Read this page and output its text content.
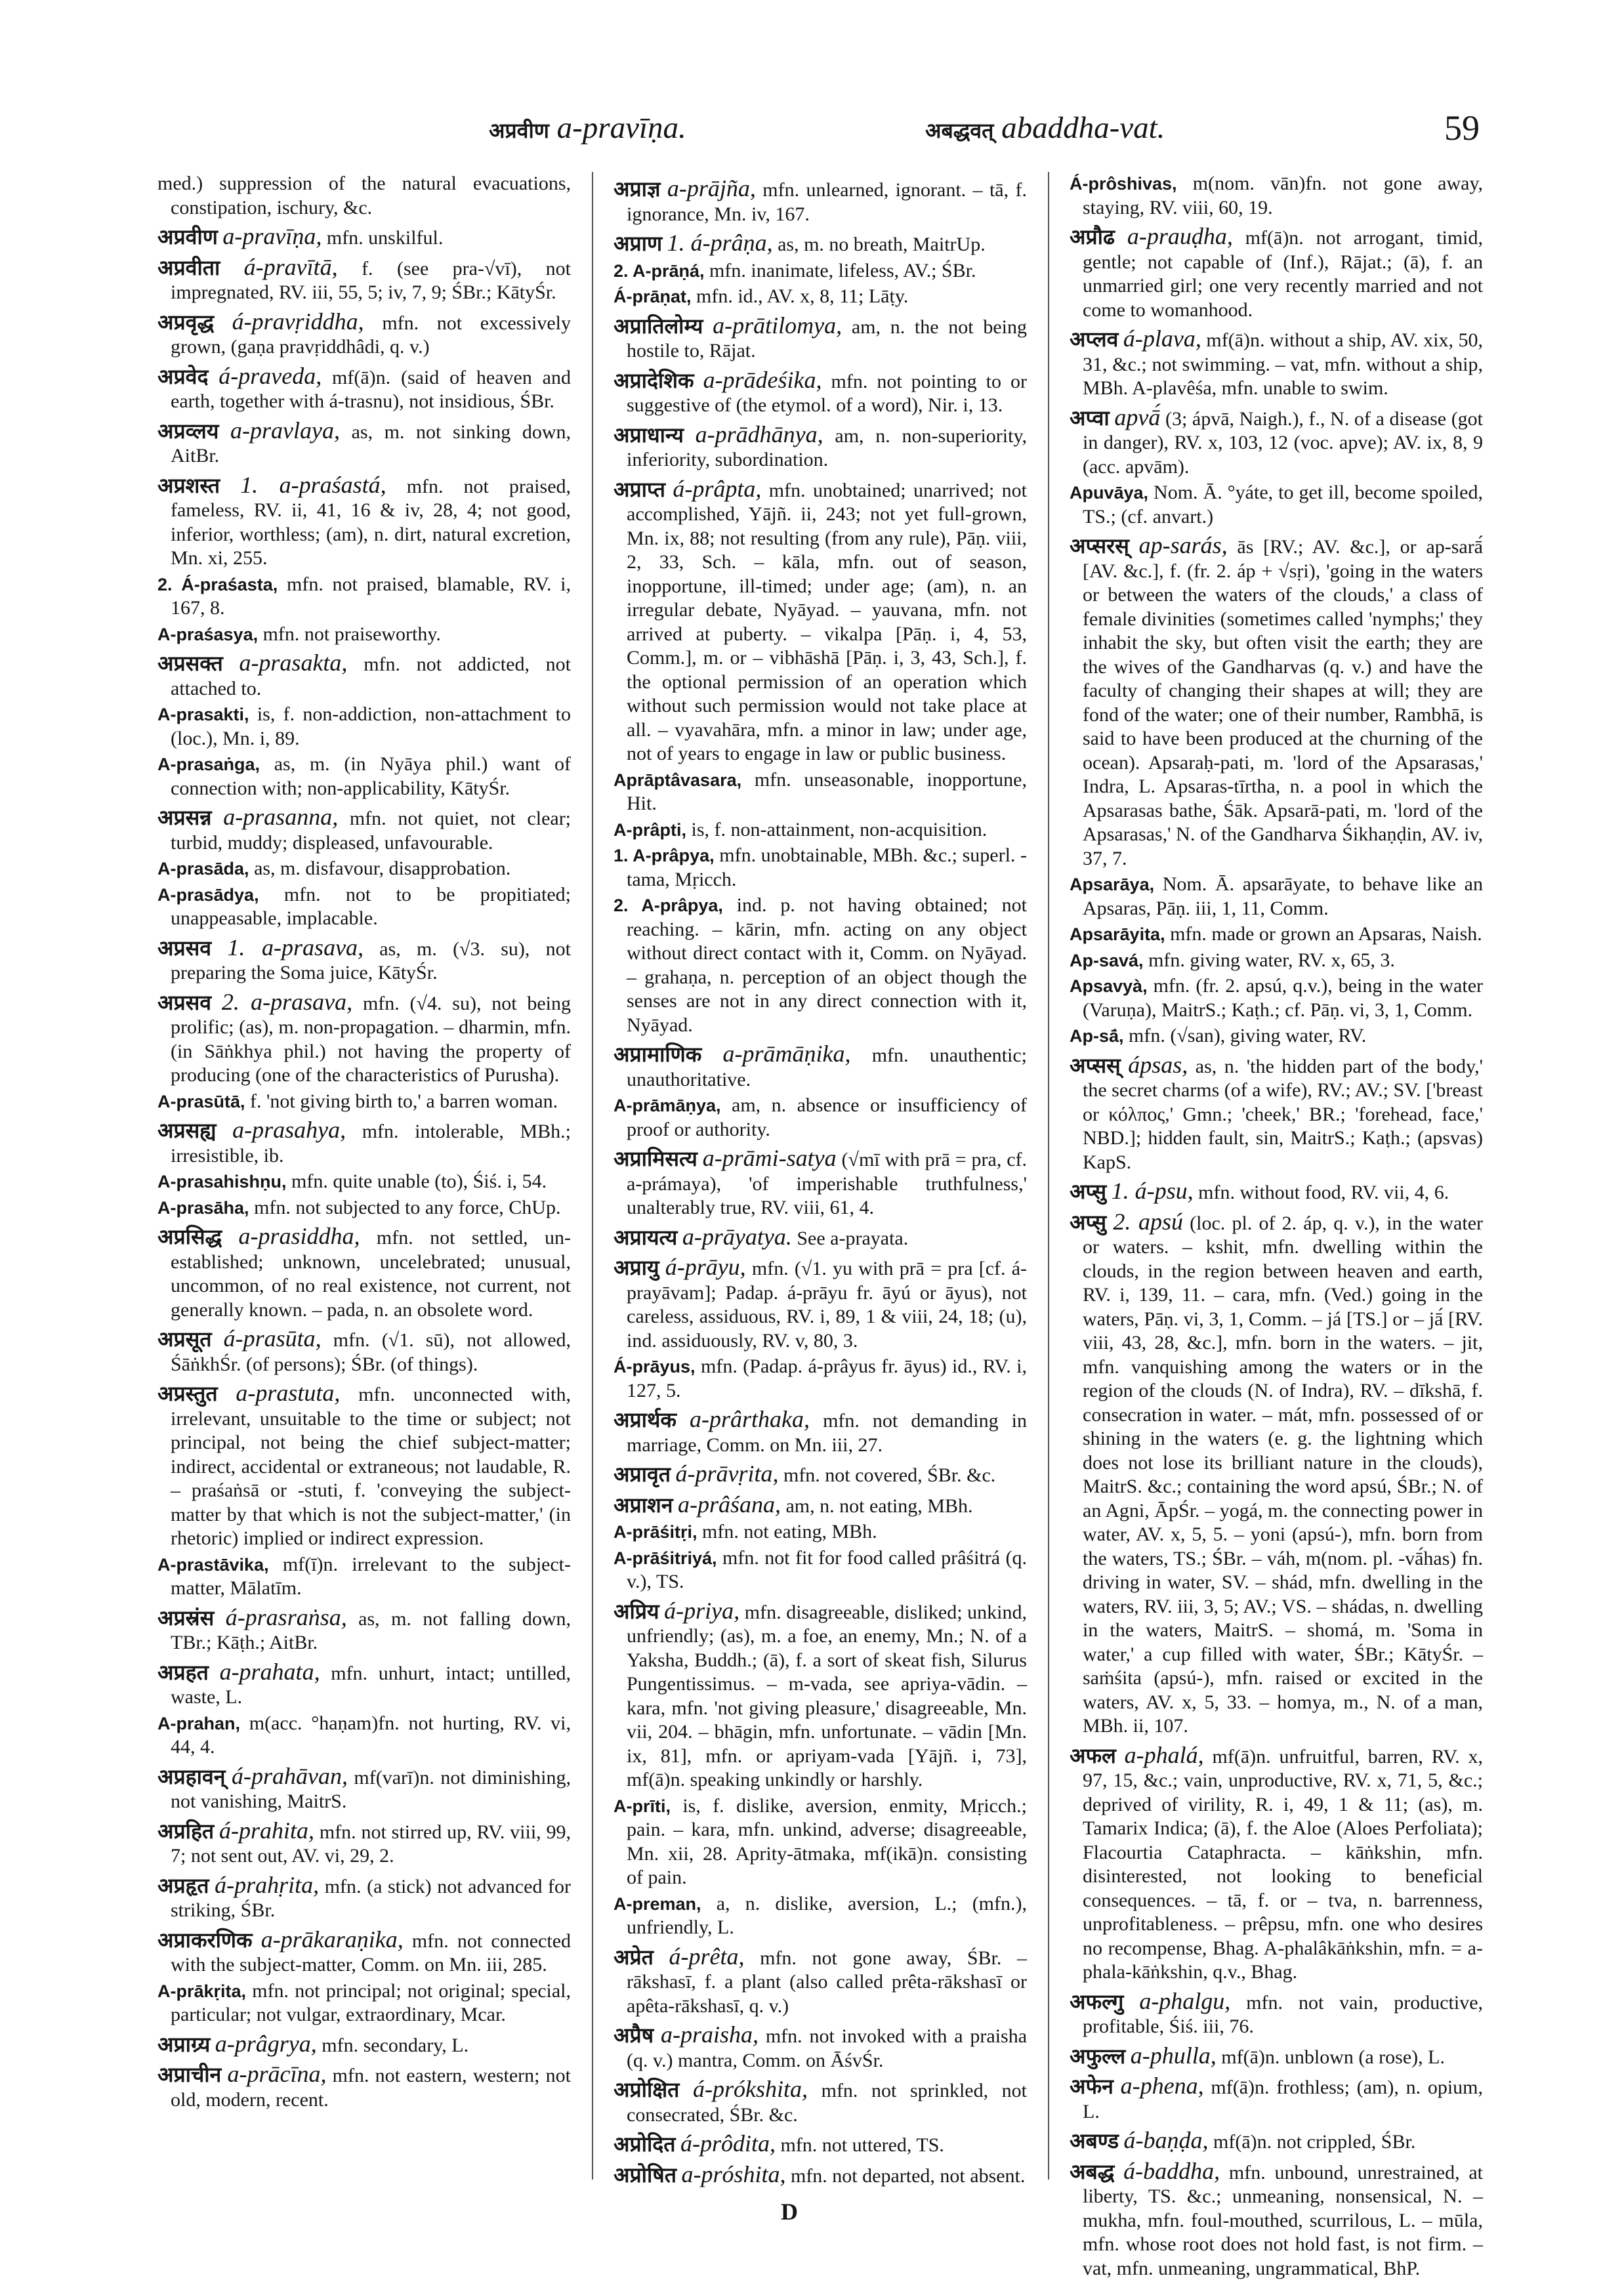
अप्रवीण a-pravīṇa.	अबद्धवत् abaddha-vat.	59

med.) suppression of the natural evacuations, constipation, ischury, &c.

अप्रवीण a-pravīṇa, mfn. unskilful.

अप्रवीता á-pravītā, f. (see pra-√vī), not impregnated, RV. iii, 55, 5; iv, 7, 9; ŚBr.; KātyŚr.

अप्रवृद्ध á-pravṛiddha, mfn. not excessively grown, (gaṇa pravṛiddhâdi, q. v.)

अप्रवेद á-praveda, mf(ā)n. (said of heaven and earth, together with á-trasnu), not insidious, ŚBr.

अप्रव्लय a-pravlaya, as, m. not sinking down, AitBr.

अप्रशस्त 1. a-praśastá, mfn. not praised, fameless, RV. ii, 41, 16 & iv, 28, 4; not good, inferior, worthless; (am), n. dirt, natural excretion, Mn. xi, 255.

2. Á-praśasta, mfn. not praised, blamable, RV. i, 167, 8.

A-praśasya, mfn. not praiseworthy.

अप्रसक्त a-prasakta, mfn. not addicted, not attached to.

A-prasakti, is, f. non-addiction, non-attachment to (loc.), Mn. i, 89.

A-prasaṅga, as, m. (in Nyāya phil.) want of connection with; non-applicability, KātyŚr.

अप्रसन्न a-prasanna, mfn. not quiet, not clear; turbid, muddy; displeased, unfavourable.

A-prasāda, as, m. disfavour, disapprobation.

A-prasādya, mfn. not to be propitiated; unappeasable, implacable.

अप्रसव 1. a-prasava, as, m. (√3. su), not preparing the Soma juice, KātyŚr.

अप्रसव 2. a-prasava, mfn. (√4. su), not being prolific; (as), m. non-propagation. – dharmin, mfn. (in Sāṅkhya phil.) not having the property of producing (one of the characteristics of Purusha).

A-prasūtā, f. 'not giving birth to,' a barren woman.

अप्रसह्य a-prasahya, mfn. intolerable, MBh.; irresistible, ib.

A-prasahishṇu, mfn. quite unable (to), Śiś. i, 54.

A-prasāha, mfn. not subjected to any force, ChUp.

अप्रसिद्ध a-prasiddha, mfn. not settled, un-established; unknown, uncelebrated; unusual, uncommon, of no real existence, not current, not generally known. – pada, n. an obsolete word.

अप्रसूत á-prasūta, mfn. (√1. sū), not allowed, ŚāṅkhŚr. (of persons); ŚBr. (of things).

अप्रस्तुत a-prastuta, mfn. unconnected with, irrelevant, unsuitable to the time or subject; not principal, not being the chief subject-matter; indirect, accidental or extraneous; not laudable, R. – praśaṅsā or -stuti, f. 'conveying the subject-matter by that which is not the subject-matter,' (in rhetoric) implied or indirect expression.

A-prastāvika, mf(ī)n. irrelevant to the subject-matter, Mālatīm.

अप्रस्रंस á-prasraṅsa, as, m. not falling down, TBr.; Kāṭh.; AitBr.

अप्रहत a-prahata, mfn. unhurt, intact; untilled, waste, L.

A-prahan, m(acc. °haṇam)fn. not hurting, RV. vi, 44, 4.

अप्रहावन् á-prahāvan, mf(varī)n. not diminishing, not vanishing, MaitrS.

अप्रहित á-prahita, mfn. not stirred up, RV. viii, 99, 7; not sent out, AV. vi, 29, 2.

अप्रहृत á-prahṛita, mfn. (a stick) not advanced for striking, ŚBr.

अप्राकरणिक a-prākaraṇika, mfn. not connected with the subject-matter, Comm. on Mn. iii, 285.

A-prākṛita, mfn. not principal; not original; special, particular; not vulgar, extraordinary, Mcar.

अप्राग्र्य a-prâgrya, mfn. secondary, L.

अप्राचीन a-prācīna, mfn. not eastern, western; not old, modern, recent.

अप्राज्ञ a-prājña, mfn. unlearned, ignorant. – tā, f. ignorance, Mn. iv, 167.

अप्राण 1. á-prâṇa, as, m. no breath, MaitrUp.

2. A-prāṇá, mfn. inanimate, lifeless, AV.; ŚBr.

Á-prāṇat, mfn. id., AV. x, 8, 11; Lāṭy.

अप्रातिलोम्य a-prātilomya, am, n. the not being hostile to, Rājat.

अप्रादेशिक a-prādeśika, mfn. not pointing to or suggestive of (the etymol. of a word), Nir. i, 13.

अप्राधान्य a-prādhānya, am, n. non-superiority, inferiority, subordination.

अप्राप्त á-prâpta, mfn. unobtained; unarrived; not accomplished, Yājñ. ii, 243; not yet full-grown, Mn. ix, 88; not resulting (from any rule), Pāṇ. viii, 2, 33, Sch. – kāla, mfn. out of season, inopportune, ill-timed; under age; (am), n. an irregular debate, Nyāyad. – yauvana, mfn. not arrived at puberty. – vikalpa [Pāṇ. i, 4, 53, Comm.], m. or – vibhāshā [Pāṇ. i, 3, 43, Sch.], f. the optional permission of an operation which without such permission would not take place at all. – vyavahāra, mfn. a minor in law; under age, not of years to engage in law or public business.

Aprāptâvasara, mfn. unseasonable, inopportune, Hit.

A-prâpti, is, f. non-attainment, non-acquisition.

1. A-prâpya, mfn. unobtainable, MBh. &c.; superl. -tama, Mṛicch.

2. A-prâpya, ind. p. not having obtained; not reaching. – kārin, mfn. acting on any object without direct contact with it, Comm. on Nyāyad. – grahaṇa, n. perception of an object though the senses are not in any direct connection with it, Nyāyad.

अप्रामाणिक a-prāmāṇika, mfn. unauthentic; unauthoritative.

A-prāmāṇya, am, n. absence or insufficiency of proof or authority.

अप्रामिसत्य a-prāmi-satya (√mī with prā = pra, cf. a-prámaya), 'of imperishable truthfulness,' unalterably true, RV. viii, 61, 4.

अप्रायत्य a-prāyatya. See a-prayata.

अप्रायु á-prāyu, mfn. (√1. yu with prā = pra [cf. á-prayāvam]; Padap. á-prāyu fr. āyú or āyus), not careless, assiduous, RV. i, 89, 1 & viii, 24, 18; (u), ind. assiduously, RV. v, 80, 3.

Á-prāyus, mfn. (Padap. á-prâyus fr. āyus) id., RV. i, 127, 5.

अप्रार्थक a-prârthaka, mfn. not demanding in marriage, Comm. on Mn. iii, 27.

अप्रावृत á-prāvṛita, mfn. not covered, ŚBr. &c.

अप्राशन a-prâśana, am, n. not eating, MBh.

A-prāśitṛi, mfn. not eating, MBh.

A-prāśitriyá, mfn. not fit for food called prâśitrá (q. v.), TS.

अप्रिय á-priya, mfn. disagreeable, disliked; unkind, unfriendly; (as), m. a foe, an enemy, Mn.; N. of a Yaksha, Buddh.; (ā), f. a sort of skeat fish, Silurus Pungentissimus. – m-vada, see apriya-vādin. – kara, mfn. 'not giving pleasure,' disagreeable, Mn. vii, 204. – bhāgin, mfn. unfortunate. – vādin [Mn. ix, 81], mfn. or apriyam-vada [Yājñ. i, 73], mf(ā)n. speaking unkindly or harshly.

A-prīti, is, f. dislike, aversion, enmity, Mṛicch.; pain. – kara, mfn. unkind, adverse; disagreeable, Mn. xii, 28. Aprity-ātmaka, mf(ikā)n. consisting of pain.

A-preman, a, n. dislike, aversion, L.; (mfn.), unfriendly, L.

अप्रेत á-prêta, mfn. not gone away, ŚBr. – rākshasī, f. a plant (also called prêta-rākshasī or apêta-rākshasī, q. v.)

अप्रैष a-praisha, mfn. not invoked with a praisha (q. v.) mantra, Comm. on ĀśvŚr.

अप्रोक्षित á-prókshita, mfn. not sprinkled, not consecrated, ŚBr. &c.

अप्रोदित á-prôdita, mfn. not uttered, TS.

अप्रोषित a-próshita, mfn. not departed, not absent.

Á-prôshivas, m(nom. vān)fn. not gone away, staying, RV. viii, 60, 19.

अप्रौढ a-prauḍha, mf(ā)n. not arrogant, timid, gentle; not capable of (Inf.), Rājat.; (ā), f. an unmarried girl; one very recently married and not come to womanhood.

अप्लव á-plava, mf(ā)n. without a ship, AV. xix, 50, 31, &c.; not swimming. – vat, mfn. without a ship, MBh. A-plavêśa, mfn. unable to swim.

अप्वा apvā́ (3; ápvā, Naigh.), f., N. of a disease (got in danger), RV. x, 103, 12 (voc. apve); AV. ix, 8, 9 (acc. apvām).

Apuvāya, Nom. Ā. °yáte, to get ill, become spoiled, TS.; (cf. anvart.)

अप्सरस् ap-sarás, ās [RV.; AV. &c.], or ap-sarā́ [AV. &c.], f. (fr. 2. áp + √sṛi), 'going in the waters or between the waters of the clouds,' a class of female divinities (sometimes called 'nymphs;' they inhabit the sky, but often visit the earth; they are the wives of the Gandharvas (q. v.) and have the faculty of changing their shapes at will; they are fond of the water; one of their number, Rambhā, is said to have been produced at the churning of the ocean). Apsaraḥ-pati, m. 'lord of the Apsarasas,' Indra, L. Apsaras-tīrtha, n. a pool in which the Apsarasas bathe, Śāk. Apsarā-pati, m. 'lord of the Apsarasas,' N. of the Gandharva Śikhaṇḍin, AV. iv, 37, 7.

Apsarāya, Nom. Ā. apsarāyate, to behave like an Apsaras, Pāṇ. iii, 1, 11, Comm.

Apsarāyita, mfn. made or grown an Apsaras, Naish.

Ap-savá, mfn. giving water, RV. x, 65, 3.

Apsavyà, mfn. (fr. 2. apsú, q.v.), being in the water (Varuṇa), MaitrS.; Kaṭh.; cf. Pāṇ. vi, 3, 1, Comm.

Ap-sā́, mfn. (√san), giving water, RV.

अप्सस् ápsas, as, n. 'the hidden part of the body,' the secret charms (of a wife), RV.; AV.; SV. ['breast or κόλπος,' Gmn.; 'cheek,' BR.; 'forehead, face,' NBD.]; hidden fault, sin, MaitrS.; Kaṭh.; (apsvas) KapS.

अप्सु 1. á-psu, mfn. without food, RV. vii, 4, 6.

अप्सु 2. apsú (loc. pl. of 2. áp, q. v.), in the water or waters. – kshit, mfn. dwelling within the clouds, in the region between heaven and earth, RV. i, 139, 11. – cara, mfn. (Ved.) going in the waters, Pāṇ. vi, 3, 1, Comm. – já [TS.] or – jā́ [RV. viii, 43, 28, &c.], mfn. born in the waters. – jit, mfn. vanquishing among the waters or in the region of the clouds (N. of Indra), RV. – dīkshā, f. consecration in water. – mát, mfn. possessed of or shining in the waters (e. g. the lightning which does not lose its brilliant nature in the clouds), MaitrS. &c.; containing the word apsú, ŚBr.; N. of an Agni, ĀpŚr. – yogá, m. the connecting power in water, AV. x, 5, 5. – yoni (apsú-), mfn. born from the waters, TS.; ŚBr. – váh, m(nom. pl. -vā́has) fn. driving in water, SV. – shád, mfn. dwelling in the waters, RV. iii, 3, 5; AV.; VS. – shádas, n. dwelling in the waters, MaitrS. – shomá, m. 'Soma in water,' a cup filled with water, ŚBr.; KātyŚr. – saṁśita (apsú-), mfn. raised or excited in the waters, AV. x, 5, 33. – homya, m., N. of a man, MBh. ii, 107.

अफल a-phalá, mf(ā)n. unfruitful, barren, RV. x, 97, 15, &c.; vain, unproductive, RV. x, 71, 5, &c.; deprived of virility, R. i, 49, 1 & 11; (as), m. Tamarix Indica; (ā), f. the Aloe (Aloes Perfoliata); Flacourtia Cataphracta. – kāṅkshin, mfn. disinterested, not looking to beneficial consequences. – tā, f. or – tva, n. barrenness, unprofitableness. – prêpsu, mfn. one who desires no recompense, Bhag. A-phalâkāṅkshin, mfn. = a-phala-kāṅkshin, q.v., Bhag.

अफल्गु a-phalgu, mfn. not vain, productive, profitable, Śiś. iii, 76.

अफुल्ल a-phulla, mf(ā)n. unblown (a rose), L.

अफेन a-phena, mf(ā)n. frothless; (am), n. opium, L.

अबण्ड á-baṇḍa, mf(ā)n. not crippled, ŚBr.

अबद्ध á-baddha, mfn. unbound, unrestrained, at liberty, TS. &c.; unmeaning, nonsensical, N. – mukha, mfn. foul-mouthed, scurrilous, L. – mūla, mfn. whose root does not hold fast, is not firm. – vat, mfn. unmeaning, ungrammatical, BhP.

D
